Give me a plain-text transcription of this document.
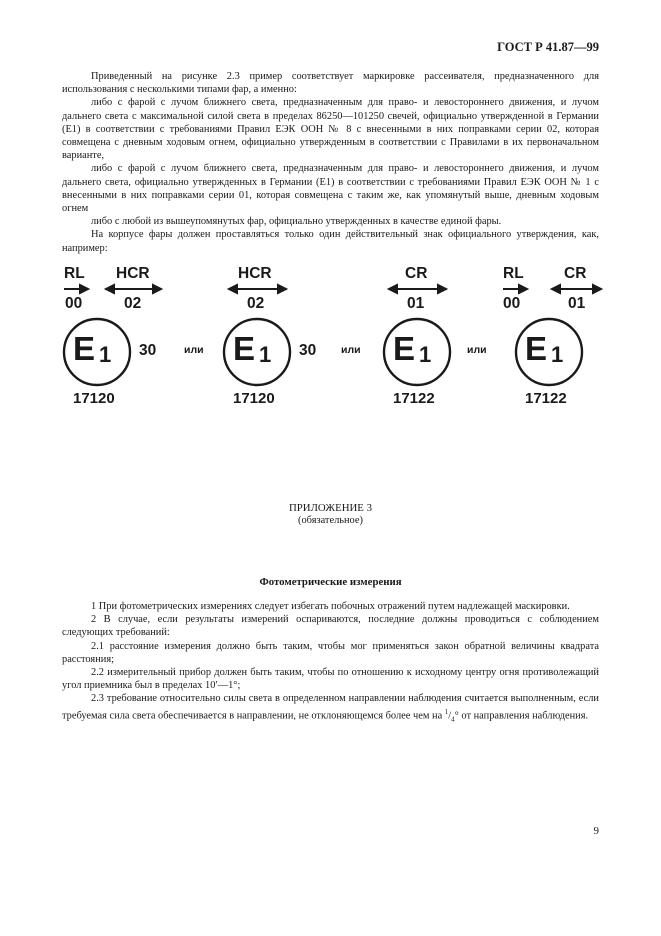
ГОСТ Р 41.87—99

Приведенный на рисунке 2.3 пример соответствует маркировке рассеивателя, предназначенного для использования с несколькими типами фар, а именно:

либо с фарой с лучом ближнего света, предназначенным для право- и левостороннего движения, и лучом дальнего света с максимальной силой света в пределах 86250—101250 свечей, официально утвержденной в Германии (E1) в соответствии с требованиями Правил ЕЭК ООН № 8 с внесенными в них поправками серии 02, которая совмещена с дневным ходовым огнем, официально утвержденным в соответствии с Правилами в их первоначальном варианте,

либо с фарой с лучом ближнего света, предназначенным для право- и левостороннего движения, и лучом дальнего света, официально утвержденных в Германии (E1) в соответствии с требованиями Правил ЕЭК ООН № 1 с внесенными в них поправками серии 01, которая совмещена с таким же, как упомянутый выше, дневным ходовым огнем

либо с любой из вышеупомянутых фар, официально утвержденных в качестве единой фары.

На корпусе фары должен проставляться только один действительный знак официального утверждения, как, например:

RL HCR
00	02
E 1 30
17120
или
HCR
02
E 1 30
17120
или
CR
01
E 1
17122
или
RL	CR
00	01
E 1
17122
ПРИЛОЖЕНИЕ 3
(обязательное)
Фотометрические измерения

1 При фотометрических измерениях следует избегать побочных отражений путем надлежащей маскировки.

2 В случае, если результаты измерений оспариваются, последние должны проводиться с соблюдением следующих требований:

2.1 расстояние измерения должно быть таким, чтобы мог применяться закон обратной величины квадрата расстояния;

2.2 измерительный прибор должен быть таким, чтобы по отношению к исходному центру огня противолежащий угол приемника был в пределах 10′—1°;

2.3 требование относительно силы света в определенном направлении наблюдения считается выполненным, если требуемая сила света обеспечивается в направлении, не отклоняющемся более чем на $^1/_4^\circ$ от направления наблюдения.

9
